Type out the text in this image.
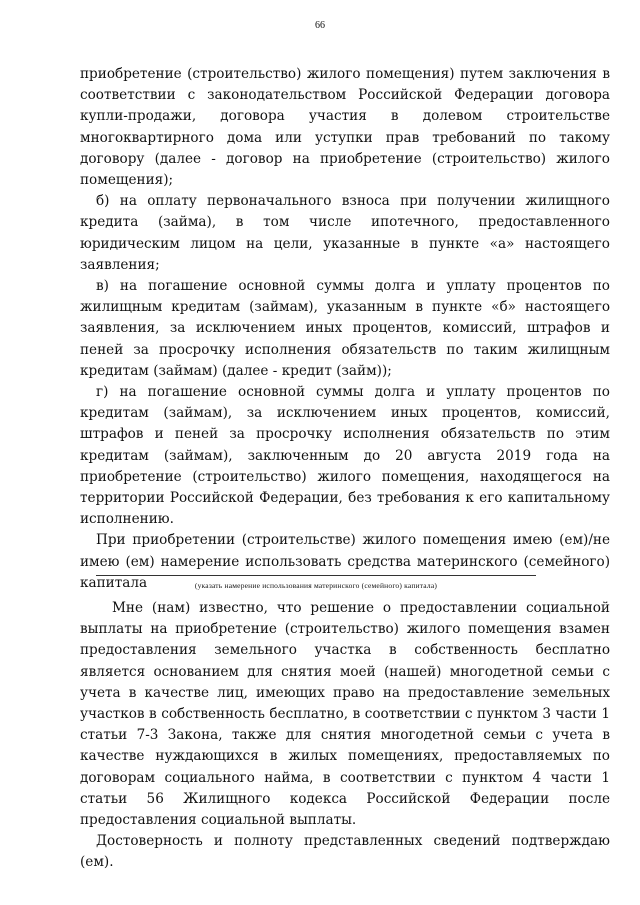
66

приобретение (строительство) жилого помещения) путем заключения в соответствии с законодательством Российской Федерации договора купли-продажи, договора участия в долевом строительстве многоквартирного дома или уступки прав требований по такому договору (далее - договор на приобретение (строительство) жилого помещения);

б) на оплату первоначального взноса при получении жилищного кредита (займа), в том числе ипотечного, предоставленного юридическим лицом на цели, указанные в пункте «а» настоящего заявления;

в) на погашение основной суммы долга и уплату процентов по жилищным кредитам (займам), указанным в пункте «б» настоящего заявления, за исключением иных процентов, комиссий, штрафов и пеней за просрочку исполнения обязательств по таким жилищным кредитам (займам) (далее - кредит (займ));

г) на погашение основной суммы долга и уплату процентов по кредитам (займам), за исключением иных процентов, комиссий, штрафов и пеней за просрочку исполнения обязательств по этим кредитам (займам), заключенным до 20 августа 2019 года на приобретение (строительство) жилого помещения, находящегося на территории Российской Федерации, без требования к его капитальному исполнению.

При приобретении (строительстве) жилого помещения имею (ем)/не имею (ем) намерение использовать средства материнского (семейного) капитала	(указать намерение использования материнского (семейного) капитала)

Мне (нам) известно, что решение о предоставлении социальной выплаты на приобретение (строительство) жилого помещения взамен предоставления земельного участка в собственность бесплатно является основанием для снятия моей (нашей) многодетной семьи с учета в качестве лиц, имеющих право на предоставление земельных участков в собственность бесплатно, в соответствии с пунктом 3 части 1 статьи 7-3 Закона, также для снятия многодетной семьи с учета в качестве нуждающихся в жилых помещениях, предоставляемых по договорам социального найма, в соответствии с пунктом 4 части 1 статьи 56 Жилищного кодекса Российской Федерации после предоставления социальной выплаты.

Достоверность и полноту представленных сведений подтверждаю (ем).
